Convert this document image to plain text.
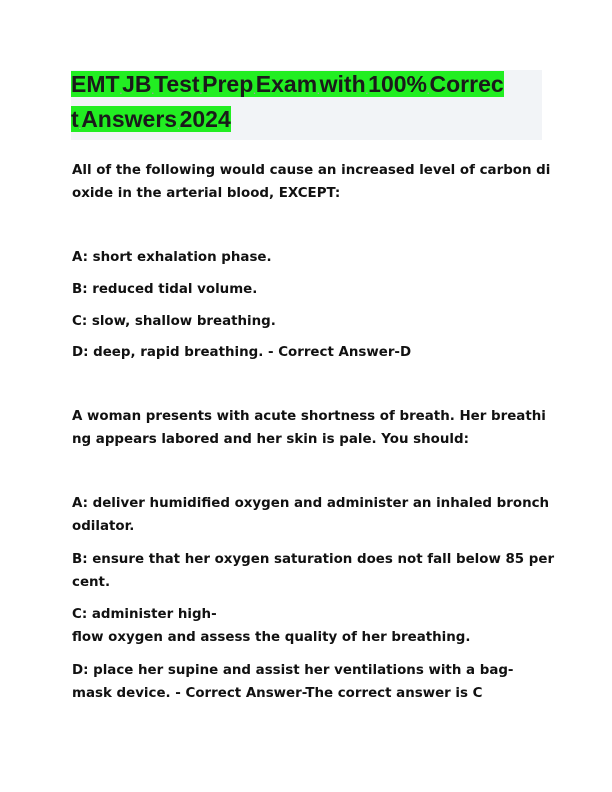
EMT.JB.Test.Prep.Exam.with.100%.Correc
t.Answers.2024
All of the following would cause an increased level of carbon di
oxide in the arterial blood, EXCEPT:
A: short exhalation phase.
B: reduced tidal volume.
C: slow, shallow breathing.
D: deep, rapid breathing. - Correct Answer-D
A woman presents with acute shortness of breath. Her breathi
ng appears labored and her skin is pale. You should:
A: deliver humidified oxygen and administer an inhaled bronch
odilator.
B: ensure that her oxygen saturation does not fall below 85 per
cent.
C: administer high-
flow oxygen and assess the quality of her breathing.
D: place her supine and assist her ventilations with a bag-
mask device. - Correct Answer-The correct answer is C
